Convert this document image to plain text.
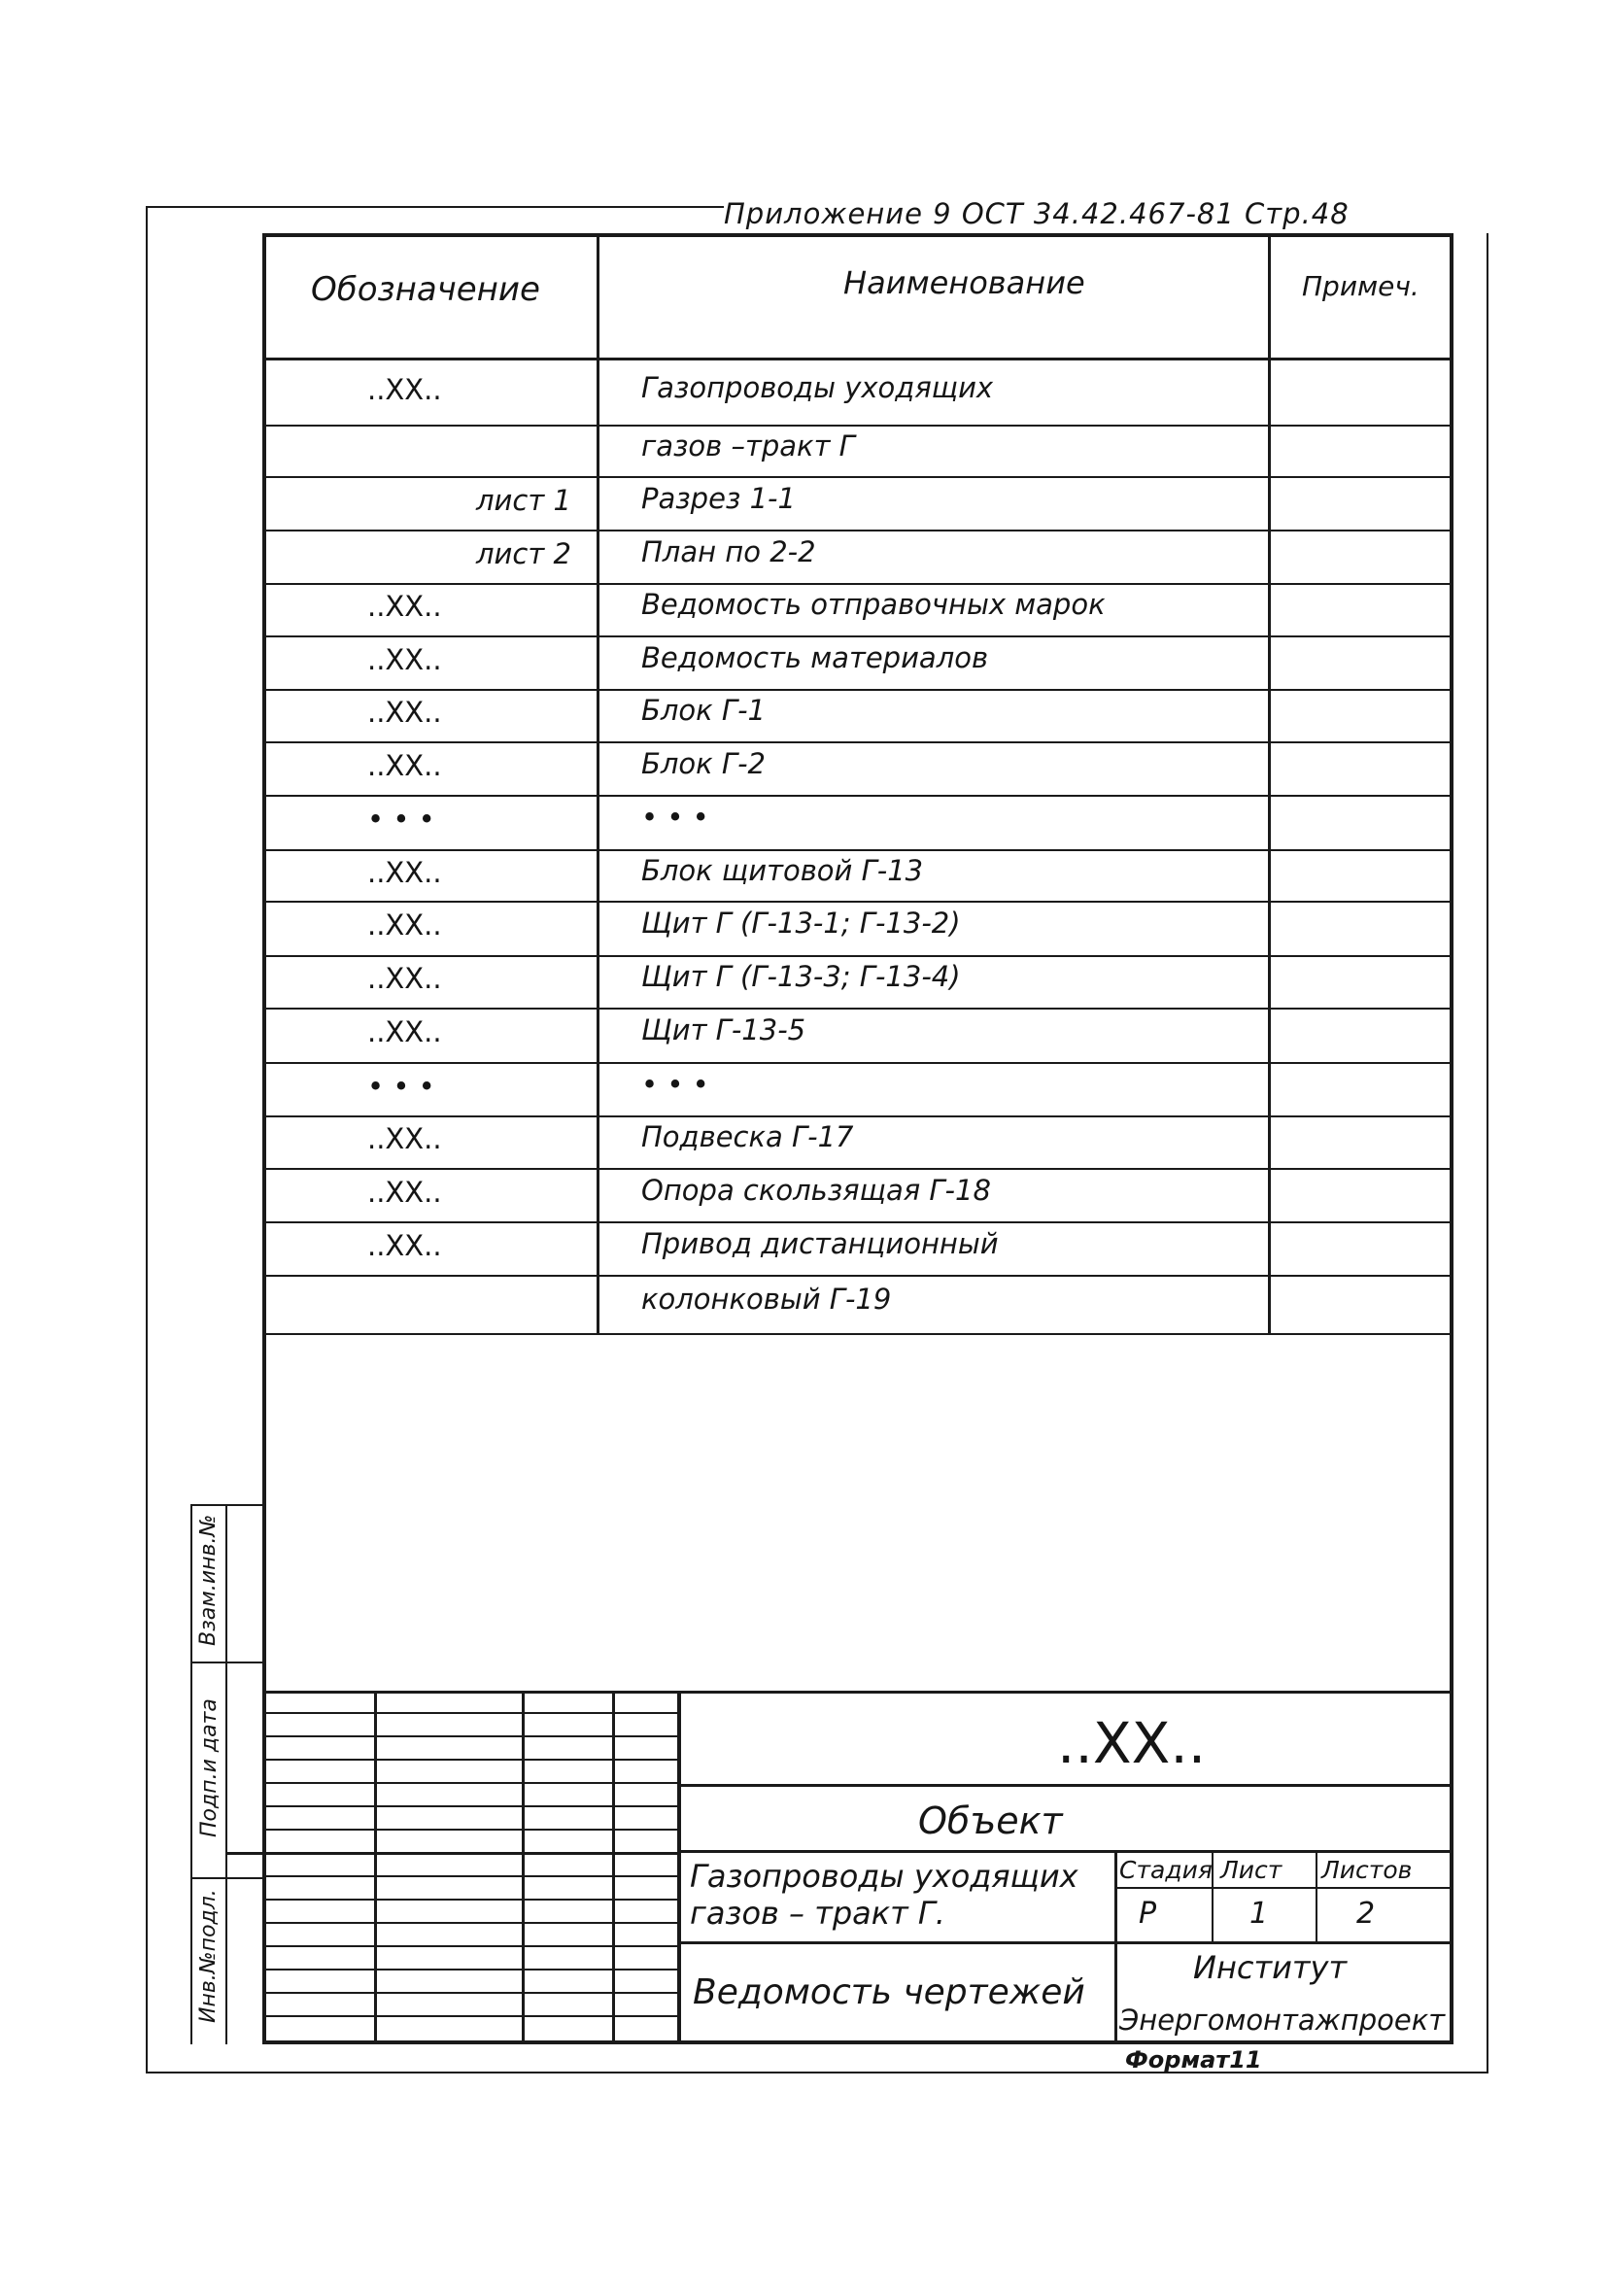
Приложение 9 ОСТ 34.42.467-81 Стр.48
Обозначение	Наименование	Примеч.
..XX..	Газопроводы уходящих
газов –тракт Г
лист 1 Разрез 1-1
лист 2 План по 2-2
..XX..	Ведомость отправочных марок
..XX..	Ведомость материалов
..XX..	Блок Г-1
..XX..	Блок Г-2
• • •	• • •
..XX..	Блок щитовой Г-13
..XX..	Щит Г (Г-13-1; Г-13-2)
..XX..	Щит Г (Г-13-3; Г-13-4)
..XX..	Щит Г-13-5
• • •	• • •
..XX..	Подвеска Г-17
..XX..	Опора скользящая Г-18
..XX..	Привод дистанционный
колонковый Г-19
Взам.инв.№
Подп.и дата
Инв.№подл.
..XX..
Объект
Газопроводы уходящих
газов – тракт Г.
Стадия Лист Листов
Р	1	2
Ведомость чертежей
Институт
Энергомонтажпроект
Формат11
